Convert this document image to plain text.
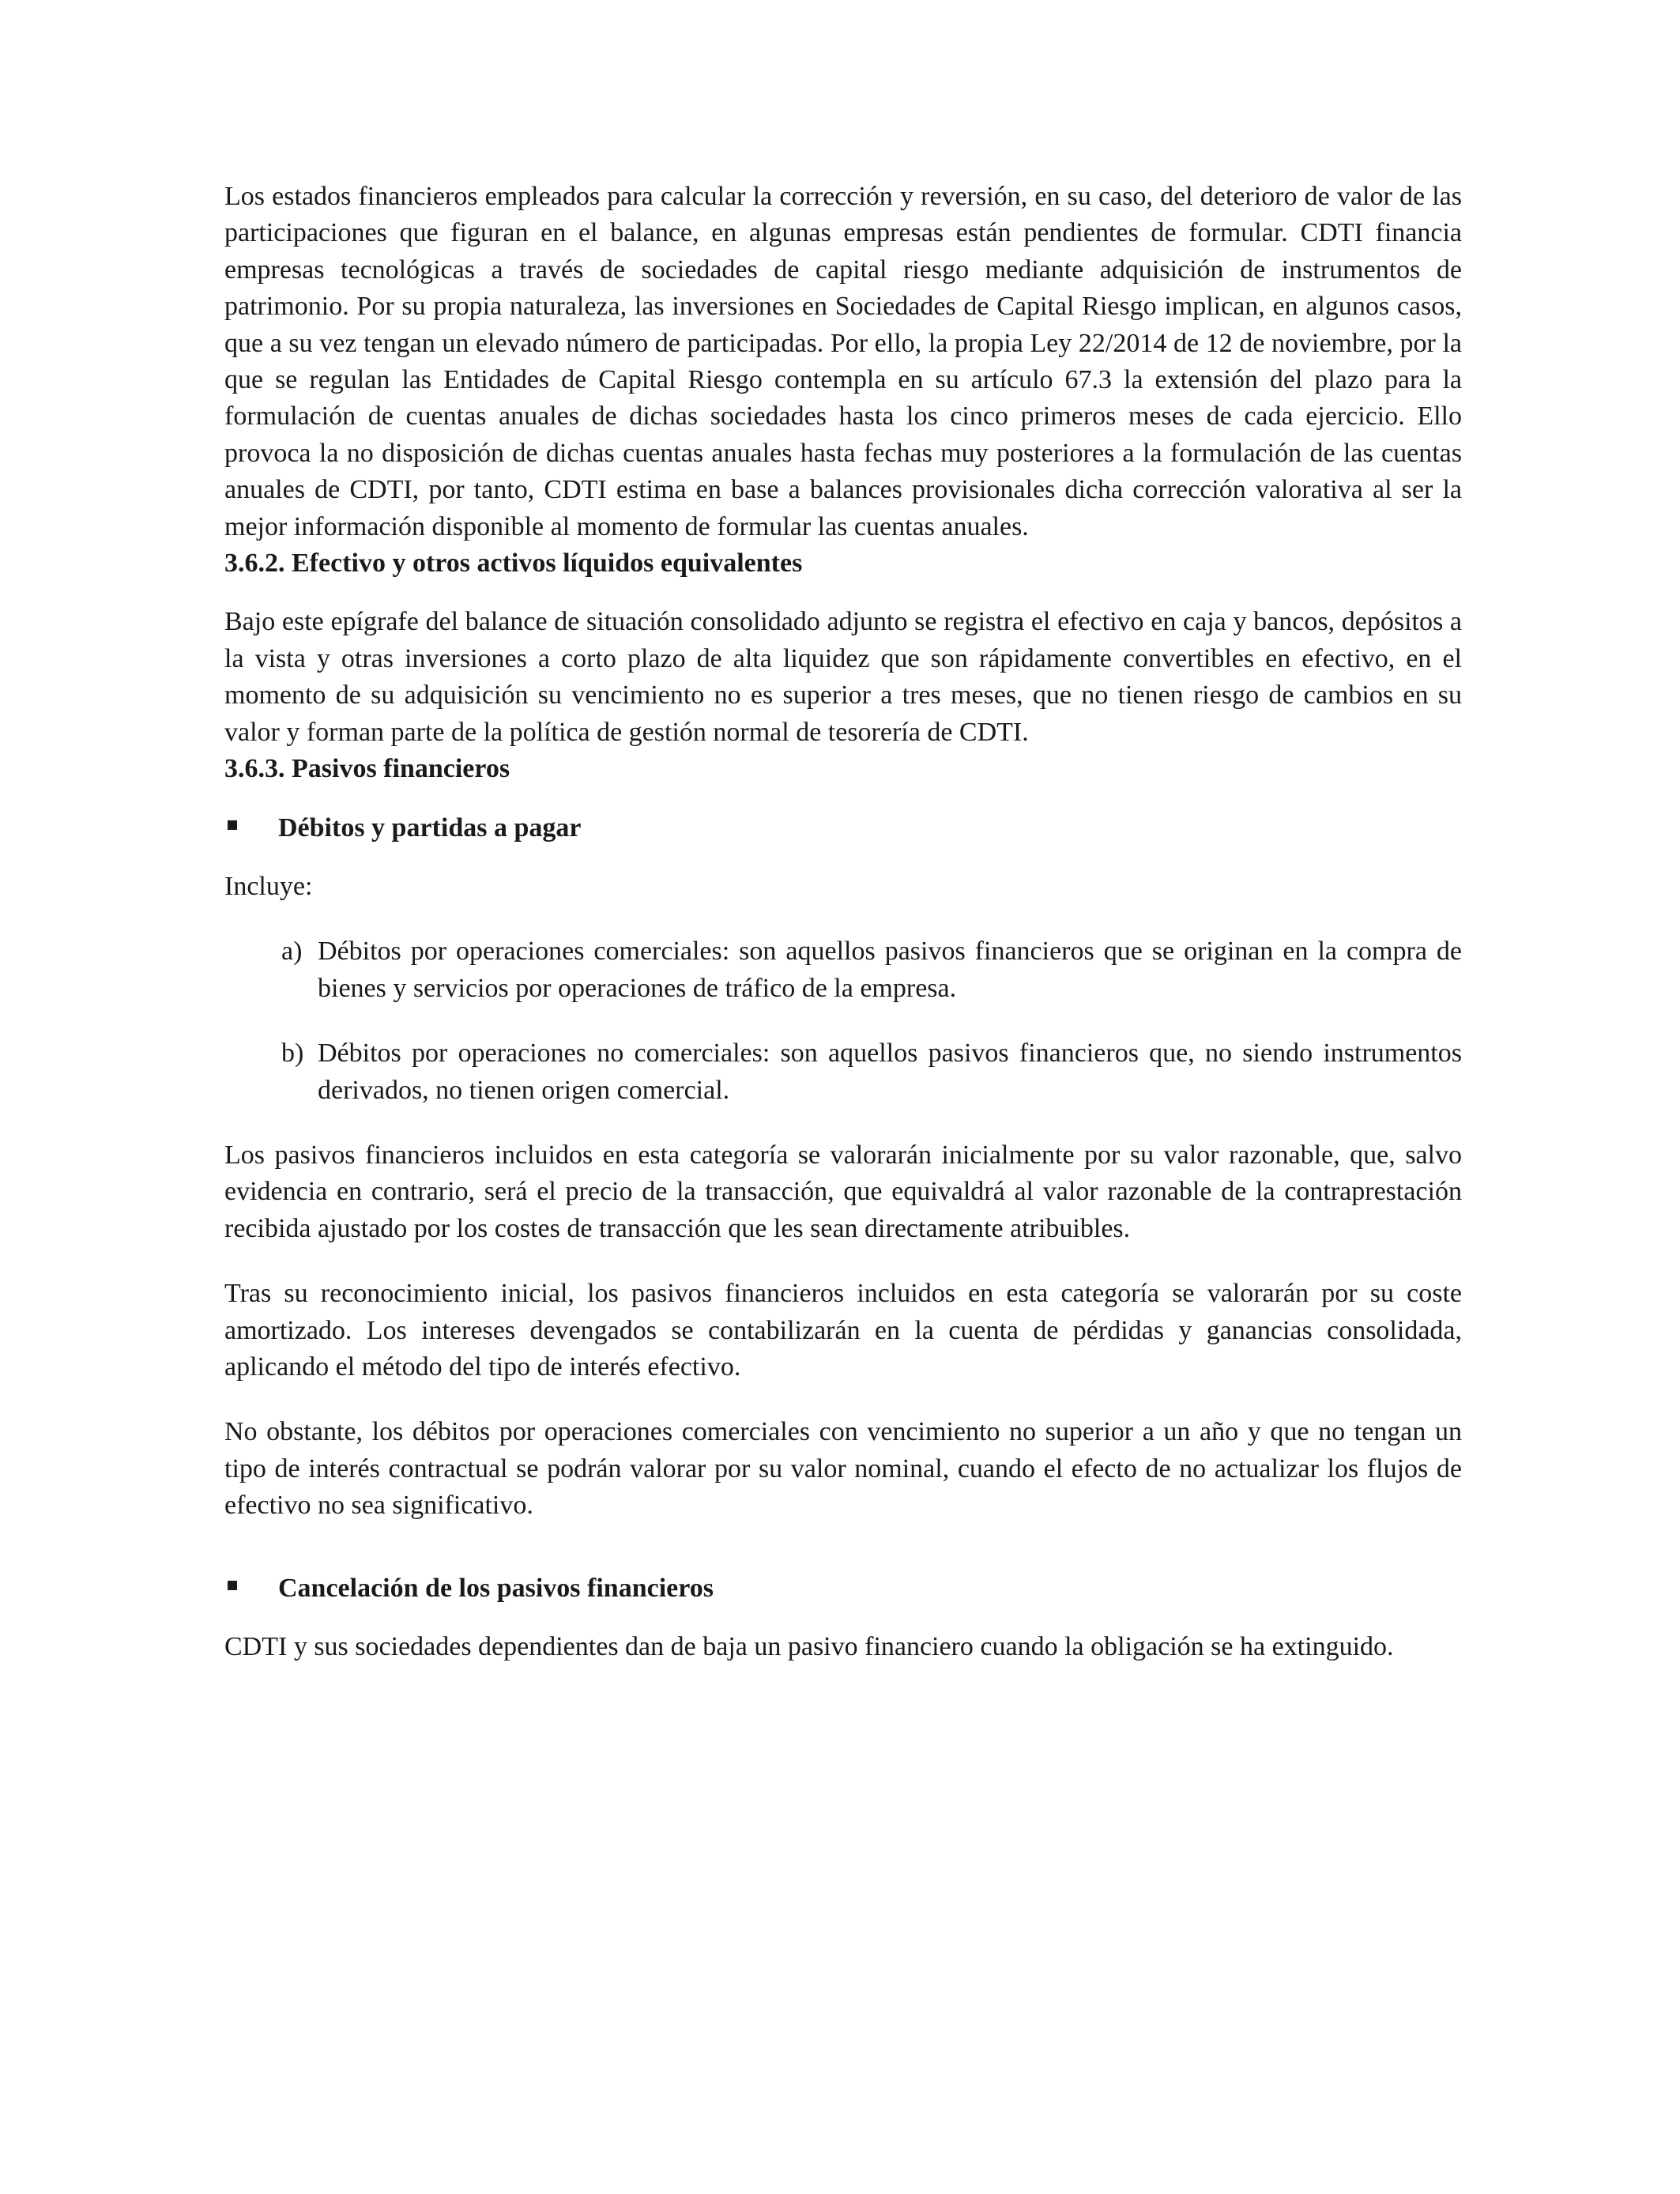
Los estados financieros empleados para calcular la corrección y reversión, en su caso, del deterioro de valor de las participaciones que figuran en el balance, en algunas empresas están pendientes de formular. CDTI financia empresas tecnológicas a través de sociedades de capital riesgo mediante adquisición de instrumentos de patrimonio. Por su propia naturaleza, las inversiones en Sociedades de Capital Riesgo implican, en algunos casos, que a su vez tengan un elevado número de participadas. Por ello, la propia Ley 22/2014 de 12 de noviembre, por la que se regulan las Entidades de Capital Riesgo contempla en su artículo 67.3 la extensión del plazo para la formulación de cuentas anuales de dichas sociedades hasta los cinco primeros meses de cada ejercicio. Ello provoca la no disposición de dichas cuentas anuales hasta fechas muy posteriores a la formulación de las cuentas anuales de CDTI, por tanto, CDTI estima en base a balances provisionales dicha corrección valorativa al ser la mejor información disponible al momento de formular las cuentas anuales.

3.6.2. Efectivo y otros activos líquidos equivalentes

Bajo este epígrafe del balance de situación consolidado adjunto se registra el efectivo en caja y bancos, depósitos a la vista y otras inversiones a corto plazo de alta liquidez que son rápidamente convertibles en efectivo, en el momento de su adquisición su vencimiento no es superior a tres meses, que no tienen riesgo de cambios en su valor y forman parte de la política de gestión normal de tesorería de CDTI.

3.6.3. Pasivos financieros

Débitos y partidas a pagar

Incluye:

a) Débitos por operaciones comerciales: son aquellos pasivos financieros que se originan en la compra de bienes y servicios por operaciones de tráfico de la empresa.
b) Débitos por operaciones no comerciales: son aquellos pasivos financieros que, no siendo instrumentos derivados, no tienen origen comercial.

Los pasivos financieros incluidos en esta categoría se valorarán inicialmente por su valor razonable, que, salvo evidencia en contrario, será el precio de la transacción, que equivaldrá al valor razonable de la contraprestación recibida ajustado por los costes de transacción que les sean directamente atribuibles.

Tras su reconocimiento inicial, los pasivos financieros incluidos en esta categoría se valorarán por su coste amortizado. Los intereses devengados se contabilizarán en la cuenta de pérdidas y ganancias consolidada, aplicando el método del tipo de interés efectivo.

No obstante, los débitos por operaciones comerciales con vencimiento no superior a un año y que no tengan un tipo de interés contractual se podrán valorar por su valor nominal, cuando el efecto de no actualizar los flujos de efectivo no sea significativo.

Cancelación de los pasivos financieros

CDTI y sus sociedades dependientes dan de baja un pasivo financiero cuando la obligación se ha extinguido.
